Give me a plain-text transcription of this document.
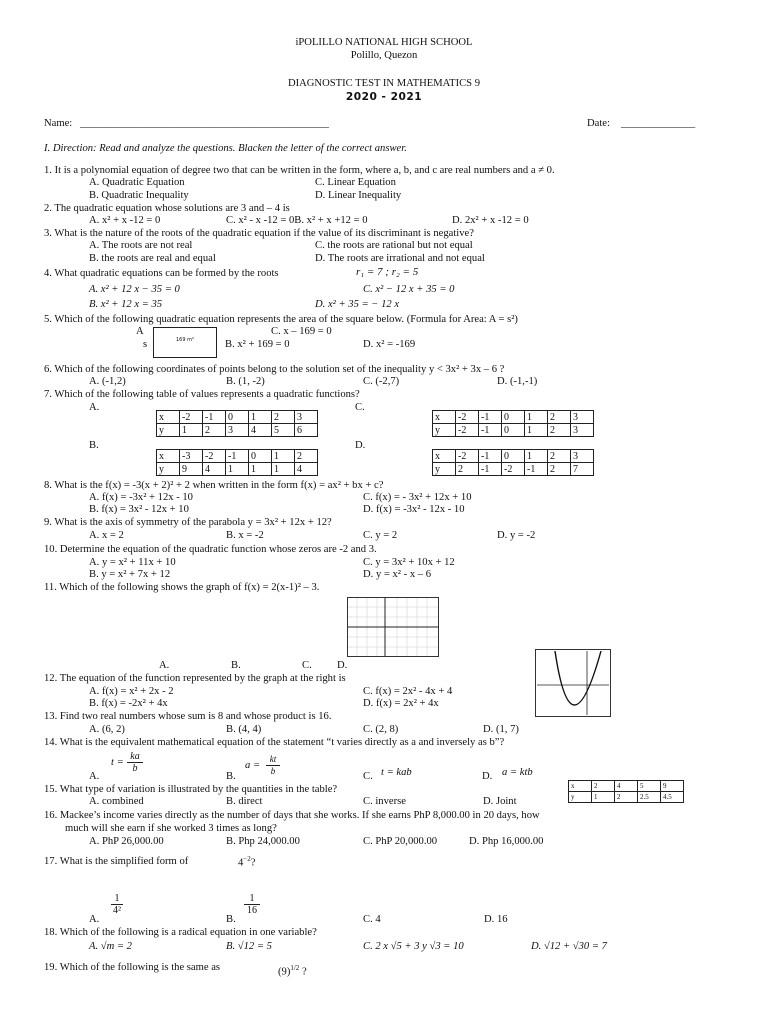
iPOLILLO NATIONAL HIGH SCHOOL
Polillo, Quezon
DIAGNOSTIC TEST IN MATHEMATICS 9
2020 - 2021
Name: _______________________________________________	Date: ______________
I. Direction: Read and analyze the questions. Blacken the letter of the correct answer.
1. It is a polynomial equation of degree two that can be written in the form, where a, b, and c are real numbers and a ≠ 0.
A. Quadratic Equation	C. Linear Equation
B. Quadratic Inequality	D. Linear Inequality
2. The quadratic equation whose solutions are 3 and – 4 is
A. x² + x -12 = 0	C. x² - x -12 = 0B. x² + x +12 = 0	D. 2x² + x -12 = 0
3. What is the nature of the roots of the quadratic equation if the value of its discriminant is negative?
A. The roots are not real	C. the roots are rational but not equal
B. the roots are real and equal	D. The roots are irrational and not equal
4. What quadratic equations can be formed by the roots	r₁ = 7 ; r₂ = 5
A. x² + 12 x − 35 = 0	C. x² − 12 x + 35 = 0
B. x² + 12 x = 35	D. x² + 35 = − 12 x
5. Which of the following quadratic equation represents the area of the square below. (Formula for Area: A = s²)
A	C. x – 169 = 0
s	169 m²	B. x² + 169 = 0	D. x² = -169
6. Which of the following coordinates of points belong to the solution set of the inequality y < 3x² + 3x – 6 ?
A. (-1,2)	B. (1, -2)	C. (-2,7)	D. (-1,-1)
7. Which of the following table of values represents a quadratic functions?
A.	C.
B.	D.
x	-2	-1	0	1	2	3
y	1	2	3	4	5	6
x	-2	-1	0	1	2	3
y	-2	-1	0	1	2	3
x	-3	-2	-1	0	1	2
y	9	4	1	1	1	4
x	-2	-1	0	1	2	3
y	2	-1	-2	-1	2	7
8. What is the f(x) = -3(x + 2)² + 2 when written in the form f(x) = ax² + bx + c?
A. f(x) = -3x² + 12x - 10	C. f(x) = - 3x² + 12x + 10
B. f(x) = 3x² - 12x + 10	D. f(x) = -3x² - 12x - 10
9. What is the axis of symmetry of the parabola y = 3x² + 12x + 12?
A. x = 2	B. x = -2	C. y = 2	D. y = -2
10. Determine the equation of the quadratic function whose zeros are -2 and 3.
A. y = x² + 11x + 10	C. y = 3x² + 10x + 12
B. y = x² + 7x + 12	D. y = x² - x – 6
11. Which of the following shows the graph of f(x) = 2(x-1)² – 3.
A.	B.	C. D.
12. The equation of the function represented by the graph at the right is
A. f(x) = x² + 2x - 2	C. f(x) = 2x² - 4x + 4
B. f(x) = -2x² + 4x	D. f(x) = 2x² + 4x
13. Find two real numbers whose sum is 8 and whose product is 16.
A. (6, 2)	B. (4, 4)	C. (2, 8)	D. (1, 7)
14. What is the equivalent mathematical equation of the statement “t varies directly as a and inversely as b”?
$t = \frac{ka}{b}$	$a = \frac{kt}{b}$	t = kab	a = ktb
A.	B.	C.	D.
15. What type of variation is illustrated by the quantities in the table?
A. combined	B. direct	C. inverse	D. Joint
x	2	4	5	9
y	1	2	2.5	4.5
16. Mackee’s income varies directly as the number of days that she works. If she earns PhP 8,000.00 in 20 days, how
much will she earn if she worked 3 times as long?
A. PhP 26,000.00	B. Php 24,000.00	C. PhP 20,000.00	D. Php 16,000.00
17. What is the simplified form of	$4^{-2}$?
$\frac{1}{\text{4²}}$	$\frac{1}{16}$
A.	B.	C. 4	D. 16
18. Which of the following is a radical equation in one variable?
A. √m = 2	B. √12 = 5	C. 2 x √5 + 3 y √3 = 10	D. √12 + √30 = 7
19. Which of the following is the same as	$(9)^{1/2}$ ?
